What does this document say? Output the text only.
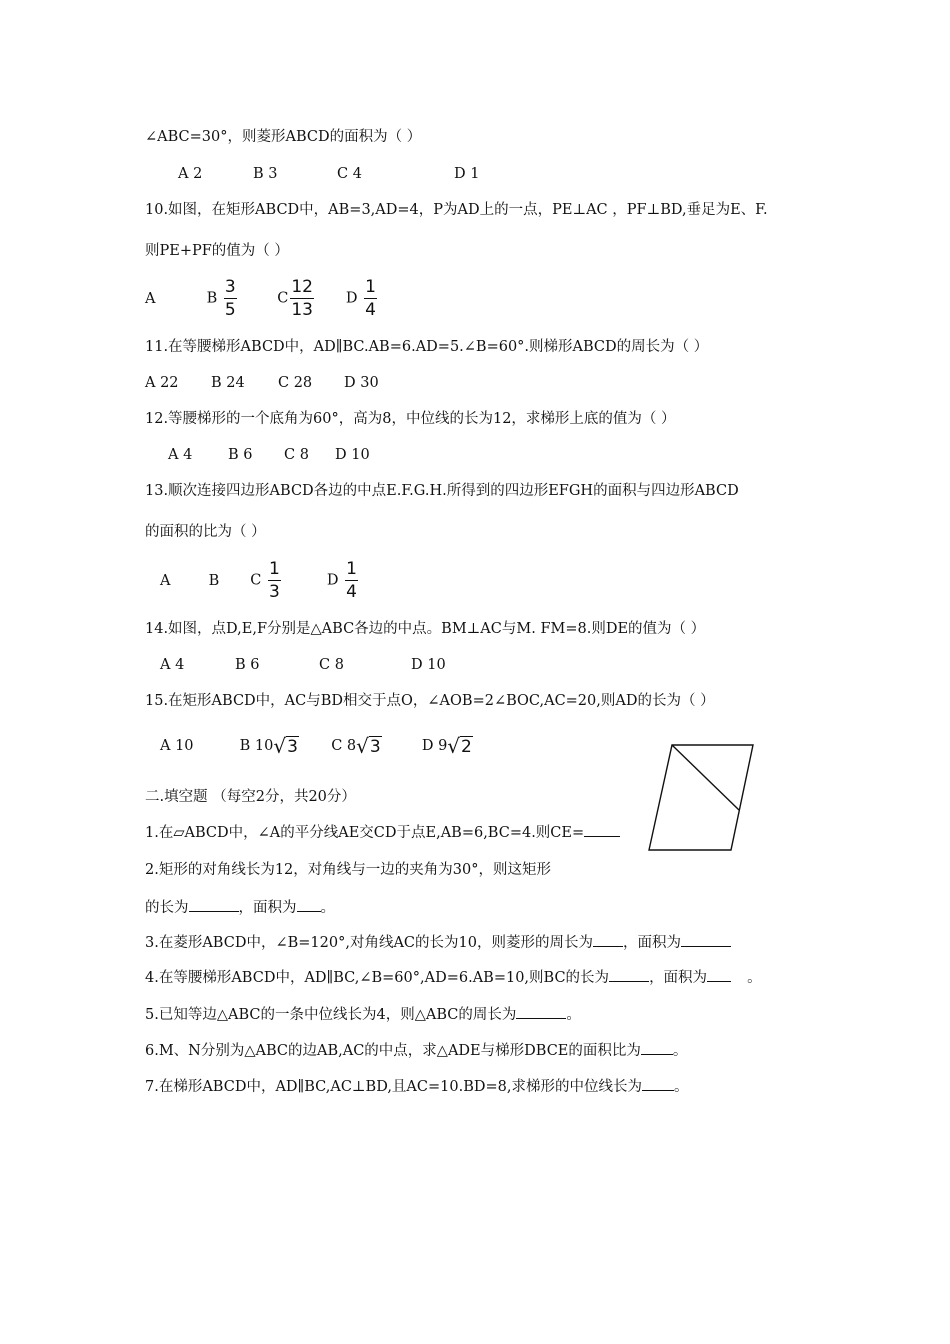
∠ABC=30°，则菱形ABCD的面积为（ ）
A 2	B 3	C 4	D 1
10.如图，在矩形ABCD中，AB=3,AD=4，P为AD上的一点，PE⊥AC ，PF⊥BD,垂足为E、F.
则PE+PF的值为（ ）
A	B $\frac{3}{5}$	C $\frac{12}{13}$ D $\frac{1}{4}$
11.在等腰梯形ABCD中，AD∥BC.AB=6.AD=5.∠B=60°.则梯形ABCD的周长为（ ）
A 22 B 24 C 28 D 30
12.等腰梯形的一个底角为60°，高为8，中位线的长为12，求梯形上底的值为（ ）
A 4 B 6 C 8 D 10
13.顺次连接四边形ABCD各边的中点E.F.G.H.所得到的四边形EFGH的面积与四边形ABCD
的面积的比为（ ）
A	B C $\frac{1}{3}$	D $\frac{1}{4}$
14.如图，点D,E,F分别是△ABC各边的中点。BM⊥AC与M. FM=8.则DE的值为（ ）
A 4	B 6	C 8	D 10
15.在矩形ABCD中，AC与BD相交于点O，∠AOB=2∠BOC,AC=20,则AD的长为（ ）
A 10	B 10 √ 3 C 8 √ 3	D 9 √ 2
二.填空题 （每空2分，共20分）
1.在▱ABCD中，∠A的平分线AE交CD于点E,AB=6,BC=4.则CE=
2.矩形的对角线长为12，对角线与一边的夹角为30°，则这矩形
的长为	，面积为 。
3.在菱形ABCD中，∠B=120°,对角线AC的长为10，则菱形的周长为 ，面积为
4.在等腰梯形ABCD中，AD∥BC,∠B=60°,AD=6.AB=10,则BC的长为	，面积为	。
5.已知等边△ABC的一条中位线长为4，则△ABC的周长为	。
6.M、N分别为△ABC的边AB,AC的中点，求△ADE与梯形DBCE的面积比为 。
7.在梯形ABCD中，AD∥BC,AC⊥BD,且AC=10.BD=8,求梯形的中位线长为 。
